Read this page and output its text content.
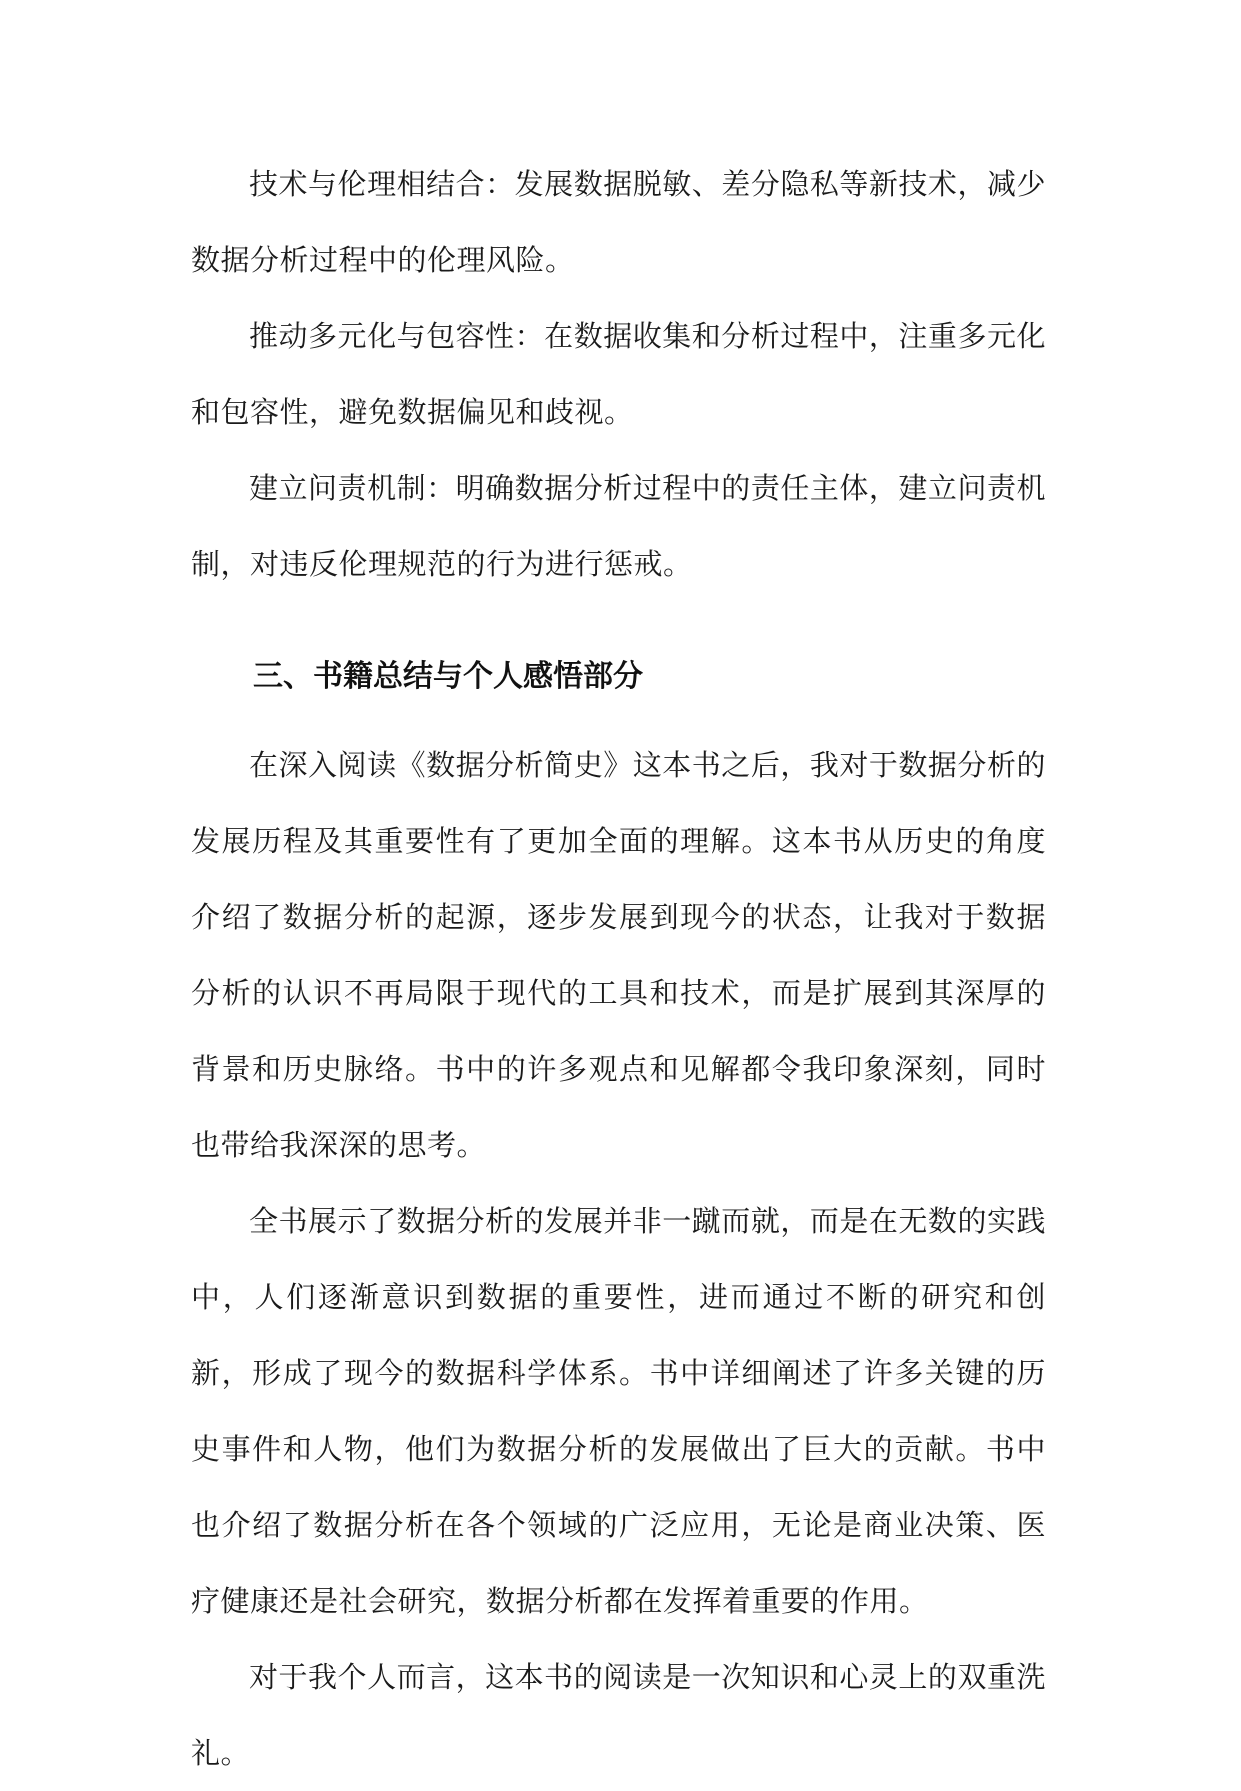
技术与伦理相结合：发展数据脱敏、差分隐私等新技术，减少数据分析过程中的伦理风险。

推动多元化与包容性：在数据收集和分析过程中，注重多元化和包容性，避免数据偏见和歧视。

建立问责机制：明确数据分析过程中的责任主体，建立问责机制，对违反伦理规范的行为进行惩戒。

三、书籍总结与个人感悟部分

在深入阅读《数据分析简史》这本书之后，我对于数据分析的发展历程及其重要性有了更加全面的理解。这本书从历史的角度介绍了数据分析的起源，逐步发展到现今的状态，让我对于数据分析的认识不再局限于现代的工具和技术，而是扩展到其深厚的背景和历史脉络。书中的许多观点和见解都令我印象深刻，同时也带给我深深的思考。

全书展示了数据分析的发展并非一蹴而就，而是在无数的实践中，人们逐渐意识到数据的重要性，进而通过不断的研究和创新，形成了现今的数据科学体系。书中详细阐述了许多关键的历史事件和人物，他们为数据分析的发展做出了巨大的贡献。书中也介绍了数据分析在各个领域的广泛应用，无论是商业决策、医疗健康还是社会研究，数据分析都在发挥着重要的作用。

对于我个人而言，这本书的阅读是一次知识和心灵上的双重洗礼。
